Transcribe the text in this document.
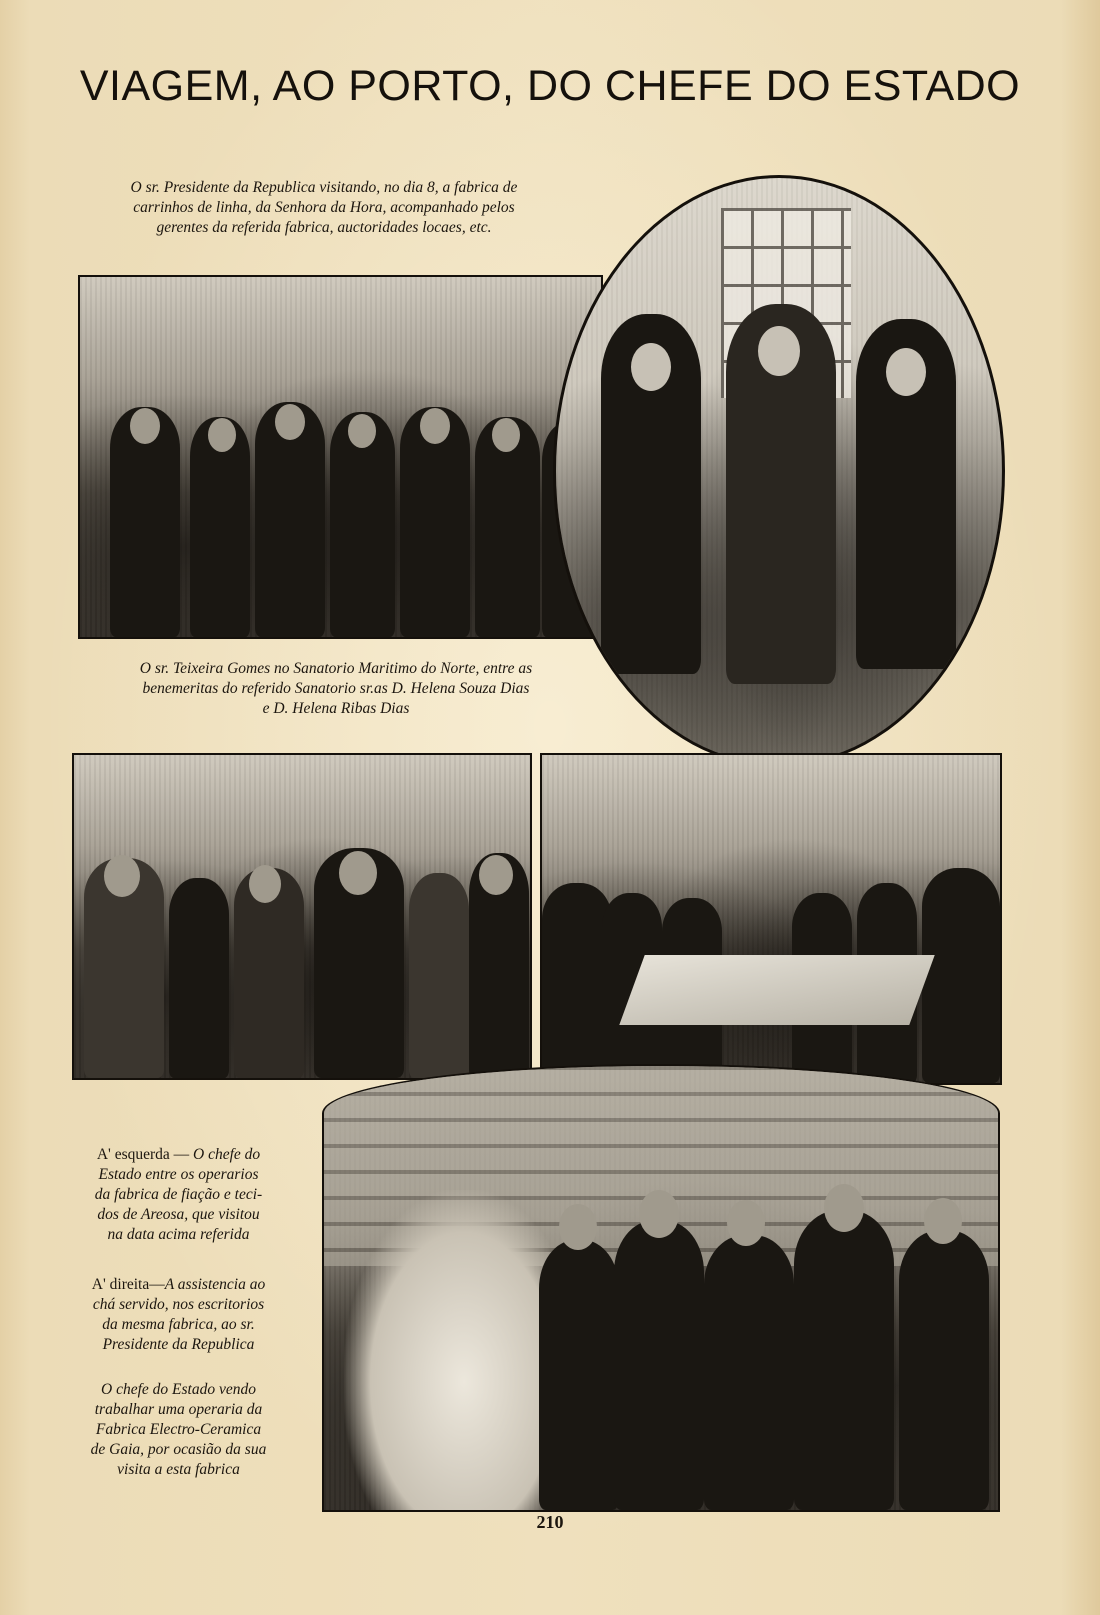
VIAGEM, AO PORTO, DO CHEFE DO ESTADO
O sr. Presidente da Republica visitando, no dia 8, a fabrica de
carrinhos de linha, da Senhora da Hora, acompanhado pelos
gerentes da referida fabrica, auctoridades locaes, etc.
O sr. Teixeira Gomes no Sanatorio Maritimo do Norte, entre as
benemeritas do referido Sanatorio sr.as D. Helena Souza Dias
e D. Helena Ribas Dias
A' esquerda — O chefe do
Estado entre os operarios
da fabrica de fiação e teci-
dos de Areosa, que visitou
na data acima referida
A' direita—A assistencia ao
chá servido, nos escritorios
da mesma fabrica, ao sr.
Presidente da Republica
O chefe do Estado vendo
trabalhar uma operaria da
Fabrica Electro-Ceramica
de Gaia, por ocasião da sua
visita a esta fabrica
210
